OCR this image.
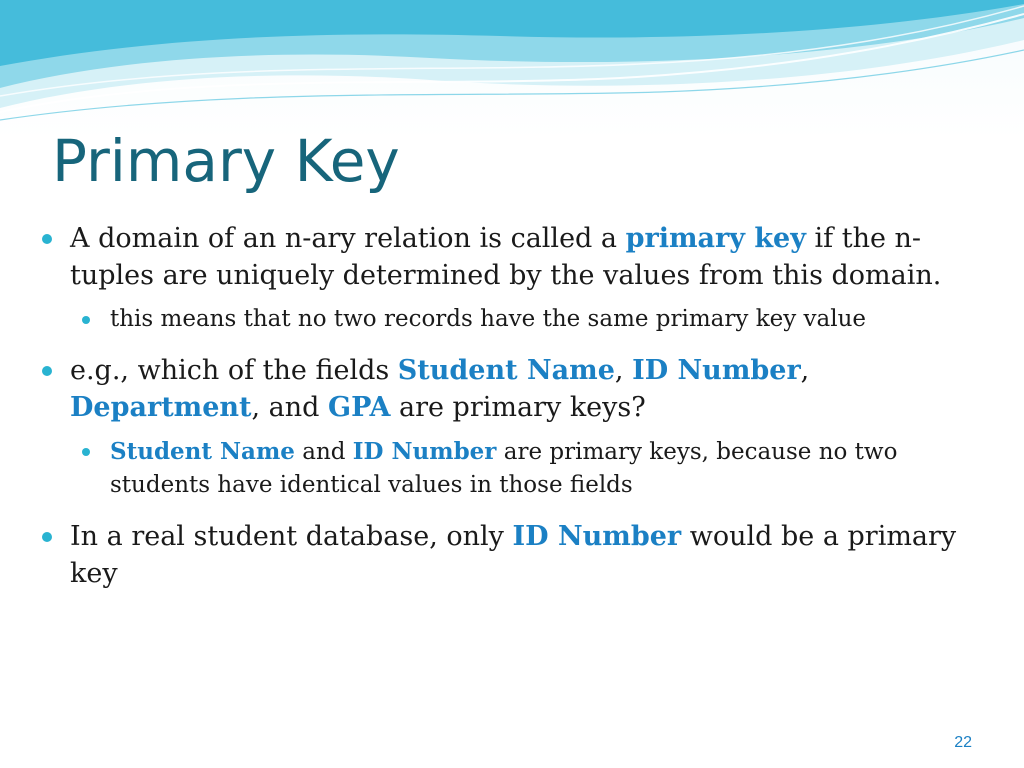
Primary Key
A domain of an n-ary relation is called a primary key if the n-tuples are uniquely determined by the values from this domain.
this means that no two records have the same primary key value
e.g., which of the fields Student Name, ID Number, Department, and GPA are primary keys?
Student Name and ID Number are primary keys, because no two students have identical values in those fields
In a real student database, only ID Number would be a primary key
22
